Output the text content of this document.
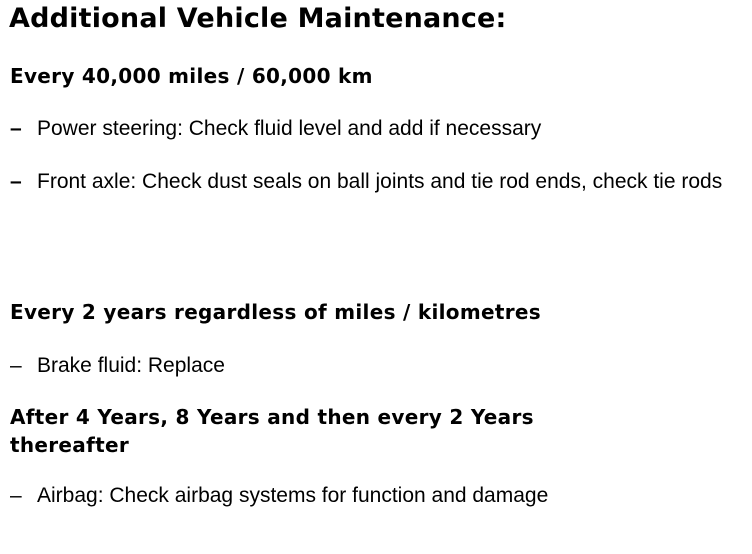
Additional Vehicle Maintenance:
Every 40,000 miles / 60,000 km
– Power steering: Check fluid level and add if necessary
– Front axle: Check dust seals on ball joints and tie rod ends, check tie rods
Every 2 years regardless of miles / kilometres
– Brake fluid: Replace
After 4 Years, 8 Years and then every 2 Years thereafter
– Airbag: Check airbag systems for function and damage
